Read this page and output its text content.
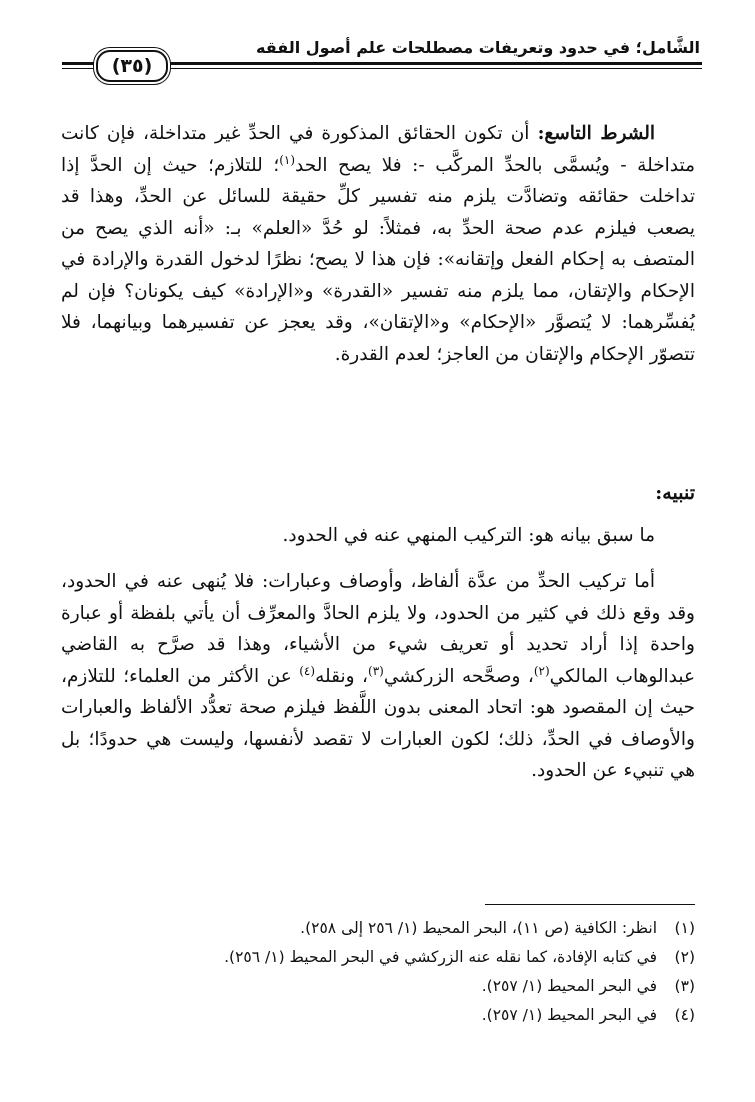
الشَّامل؛ في حدود وتعريفات مصطلحات علم أصول الفقه
(٣٥)

الشرط التاسع: أن تكون الحقائق المذكورة في الحدِّ غير متداخلة، فإن كانت متداخلة - ويُسمَّى بالحدِّ المركَّب -: فلا يصح الحد$^{(١)}$؛ للتلازم؛ حيث إن الحدَّ إذا تداخلت حقائقه وتضادَّت يلزم منه تفسير كلِّ حقيقة للسائل عن الحدِّ، وهذا قد يصعب فيلزم عدم صحة الحدِّ به، فمثلاً: لو حُدَّ «العلم» بـ: «أنه الذي يصح من المتصف به إحكام الفعل وإتقانه»: فإن هذا لا يصح؛ نظرًا لدخول القدرة والإرادة في الإحكام والإتقان، مما يلزم منه تفسير «القدرة» و«الإرادة» كيف يكونان؟ فإن لم يُفسِّرهما: لا يُتصوَّر «الإحكام» و«الإتقان»، وقد يعجز عن تفسيرهما وبيانهما، فلا تتصوّر الإحكام والإتقان من العاجز؛ لعدم القدرة.

تنبيه:

ما سبق بيانه هو: التركيب المنهي عنه في الحدود.

أما تركيب الحدِّ من عدَّة ألفاظ، وأوصاف وعبارات: فلا يُنهى عنه في الحدود، وقد وقع ذلك في كثير من الحدود، ولا يلزم الحادَّ والمعرِّف أن يأتي بلفظة أو عبارة واحدة إذا أراد تحديد أو تعريف شيء من الأشياء، وهذا قد صرَّح به القاضي عبدالوهاب المالكي$^{(٢)}$، وصحَّحه الزركشي$^{(٣)}$، ونقله$^{(٤)}$ عن الأكثر من العلماء؛ للتلازم، حيث إن المقصود هو: اتحاد المعنى بدون اللَّفظ فيلزم صحة تعدُّد الألفاظ والعبارات والأوصاف في الحدِّ، ذلك؛ لكون العبارات لا تقصد لأنفسها، وليست هي حدودًا؛ بل هي تنبيء عن الحدود.

(١)
انظر: الكافية (ص ١١)، البحر المحيط (١/ ٢٥٦ إلى ٢٥٨).
(٢)
في كتابه الإفادة، كما نقله عنه الزركشي في البحر المحيط (١/ ٢٥٦).
(٣)
في البحر المحيط (١/ ٢٥٧).
(٤)
في البحر المحيط (١/ ٢٥٧).
